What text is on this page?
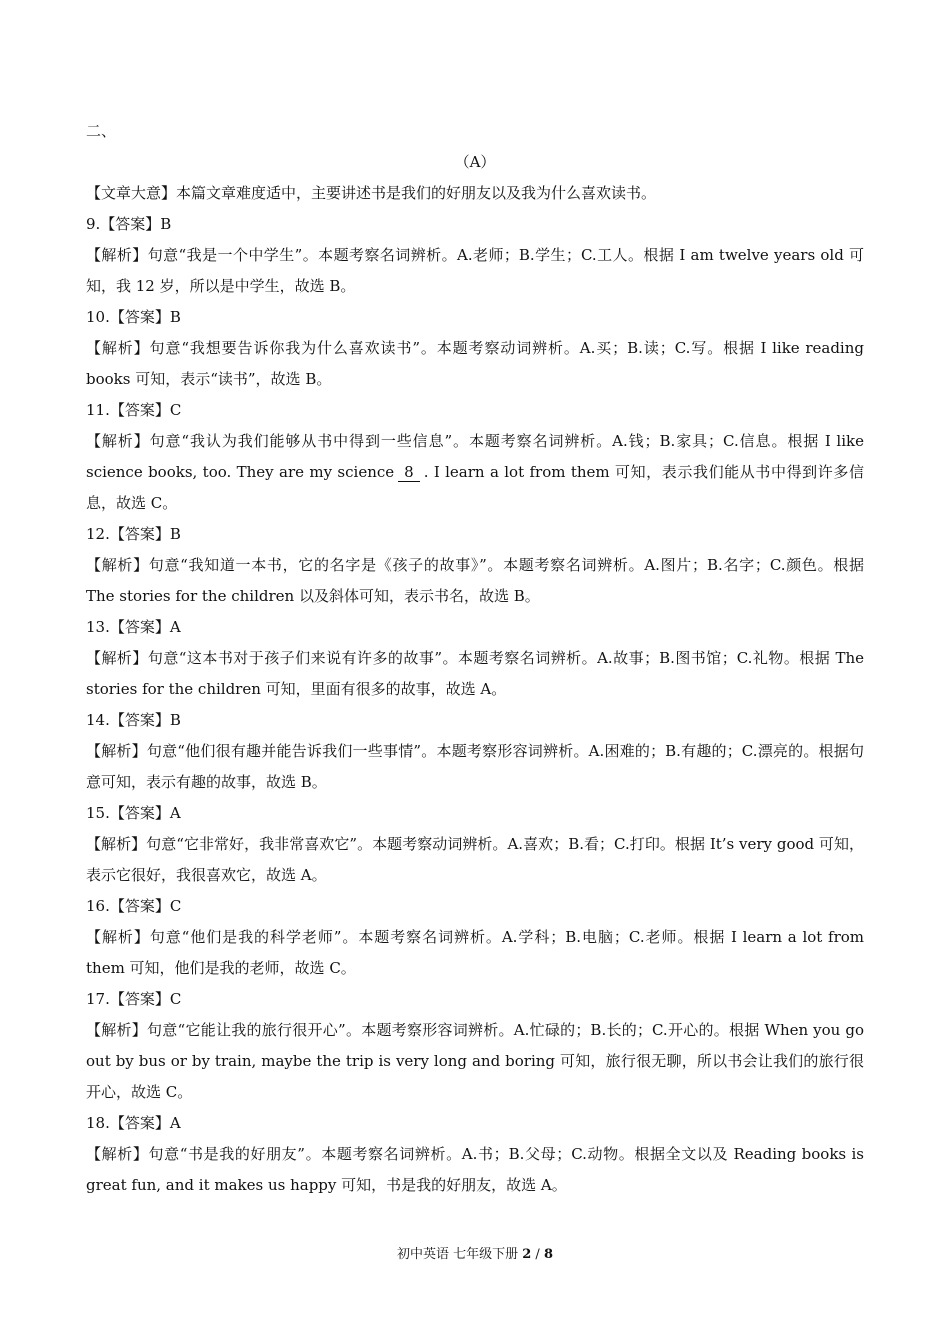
二、
（A）
【文章大意】本篇文章难度适中，主要讲述书是我们的好朋友以及我为什么喜欢读书。
9.【答案】B
【解析】句意“我是一个中学生”。本题考察名词辨析。A.老师；B.学生；C.工人。根据 I am twelve years old 可知，我 12 岁，所以是中学生，故选 B。
10.【答案】B
【解析】句意“我想要告诉你我为什么喜欢读书”。本题考察动词辨析。A.买；B.读；C.写。根据 I like reading books 可知，表示“读书”，故选 B。
11.【答案】C
【解析】句意“我认为我们能够从书中得到一些信息”。本题考察名词辨析。A.钱；B.家具；C.信息。根据 I like science books, too. They are my science 8 . I learn a lot from them 可知，表示我们能从书中得到许多信息，故选 C。
12.【答案】B
【解析】句意“我知道一本书，它的名字是《孩子的故事》”。本题考察名词辨析。A.图片；B.名字；C.颜色。根据 The stories for the children 以及斜体可知，表示书名，故选 B。
13.【答案】A
【解析】句意“这本书对于孩子们来说有许多的故事”。本题考察名词辨析。A.故事；B.图书馆；C.礼物。根据 The stories for the children 可知，里面有很多的故事，故选 A。
14.【答案】B
【解析】句意“他们很有趣并能告诉我们一些事情”。本题考察形容词辨析。A.困难的；B.有趣的；C.漂亮的。根据句意可知，表示有趣的故事，故选 B。
15.【答案】A
【解析】句意“它非常好，我非常喜欢它”。本题考察动词辨析。A.喜欢；B.看；C.打印。根据 It’s very good 可知，表示它很好，我很喜欢它，故选 A。
16.【答案】C
【解析】句意“他们是我的科学老师”。本题考察名词辨析。A.学科；B.电脑；C.老师。根据 I learn a lot from them 可知，他们是我的老师，故选 C。
17.【答案】C
【解析】句意“它能让我的旅行很开心”。本题考察形容词辨析。A.忙碌的；B.长的；C.开心的。根据 When you go out by bus or by train, maybe the trip is very long and boring 可知，旅行很无聊，所以书会让我们的旅行很开心，故选 C。
18.【答案】A
【解析】句意“书是我的好朋友”。本题考察名词辨析。A.书；B.父母；C.动物。根据全文以及 Reading books is great fun, and it makes us happy 可知，书是我的好朋友，故选 A。
初中英语 七年级下册 2 / 8
